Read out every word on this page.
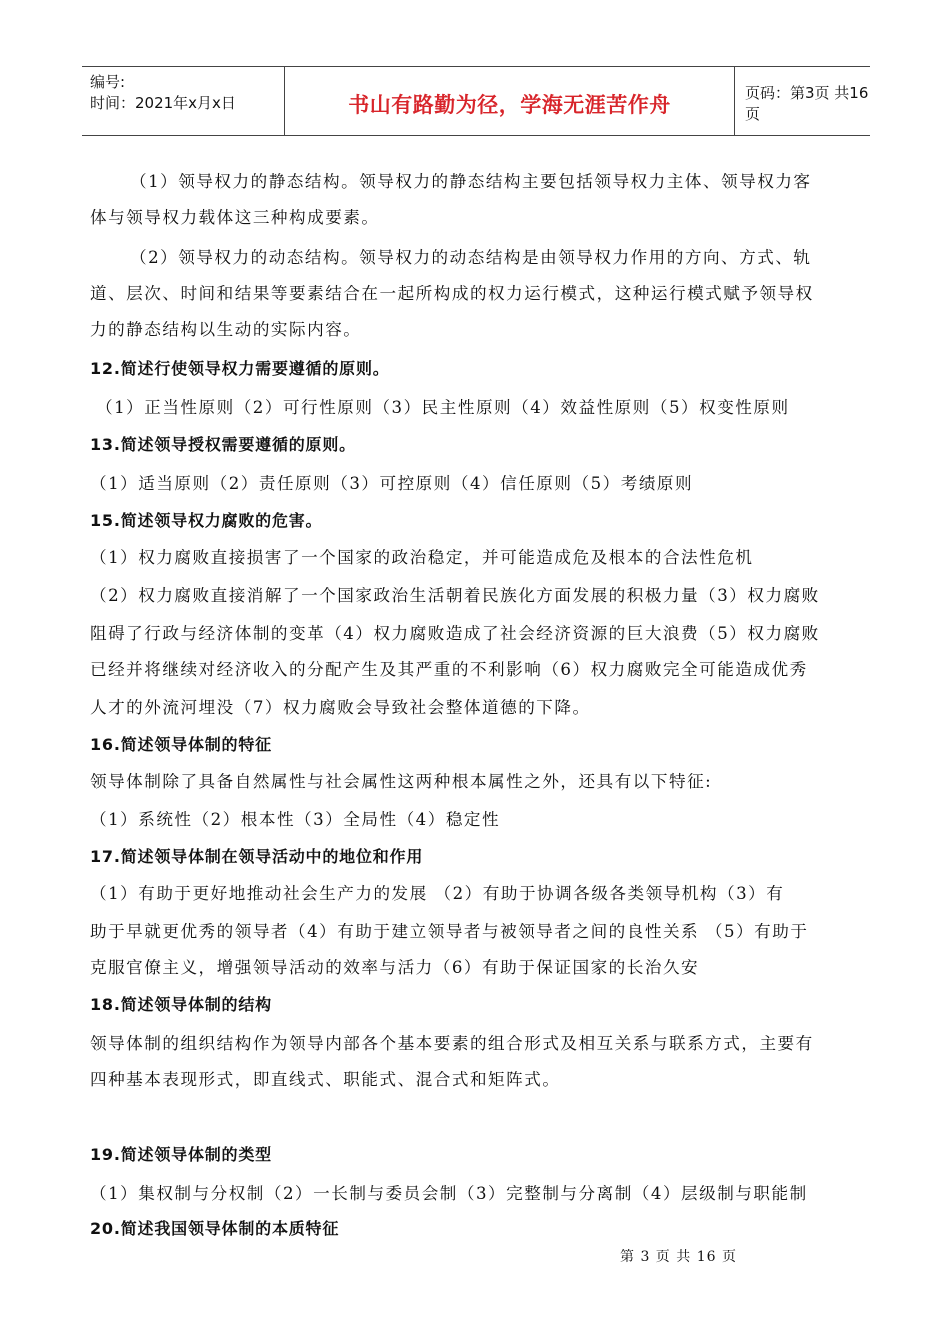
编号:
时间：2021年x月x日	书山有路勤为径，学海无涯苦作舟	页码：第3页 共16页
（1）领导权力的静态结构。领导权力的静态结构主要包括领导权力主体、领导权力客
体与领导权力载体这三种构成要素。
（2）领导权力的动态结构。领导权力的动态结构是由领导权力作用的方向、方式、轨
道、层次、时间和结果等要素结合在一起所构成的权力运行模式，这种运行模式赋予领导权
力的静态结构以生动的实际内容。
12.简述行使领导权力需要遵循的原则。
（1）正当性原则（2）可行性原则（3）民主性原则（4）效益性原则（5）权变性原则
13.简述领导授权需要遵循的原则。
（1）适当原则（2）责任原则（3）可控原则（4）信任原则（5）考绩原则
15.简述领导权力腐败的危害。
（1）权力腐败直接损害了一个国家的政治稳定，并可能造成危及根本的合法性危机
（2）权力腐败直接消解了一个国家政治生活朝着民族化方面发展的积极力量（3）权力腐败
阻碍了行政与经济体制的变革（4）权力腐败造成了社会经济资源的巨大浪费（5）权力腐败
已经并将继续对经济收入的分配产生及其严重的不利影响（6）权力腐败完全可能造成优秀
人才的外流河埋没（7）权力腐败会导致社会整体道德的下降。
16.简述领导体制的特征
领导体制除了具备自然属性与社会属性这两种根本属性之外，还具有以下特征:
（1）系统性（2）根本性（3）全局性（4）稳定性
17.简述领导体制在领导活动中的地位和作用
（1）有助于更好地推动社会生产力的发展 （2）有助于协调各级各类领导机构（3）有
助于早就更优秀的领导者（4）有助于建立领导者与被领导者之间的良性关系 （5）有助于
克服官僚主义，增强领导活动的效率与活力（6）有助于保证国家的长治久安
18.简述领导体制的结构
领导体制的组织结构作为领导内部各个基本要素的组合形式及相互关系与联系方式，主要有
四种基本表现形式，即直线式、职能式、混合式和矩阵式。
19.简述领导体制的类型
（1）集权制与分权制（2）一长制与委员会制（3）完整制与分离制（4）层级制与职能制
20.简述我国领导体制的本质特征
第 3 页 共 16 页
